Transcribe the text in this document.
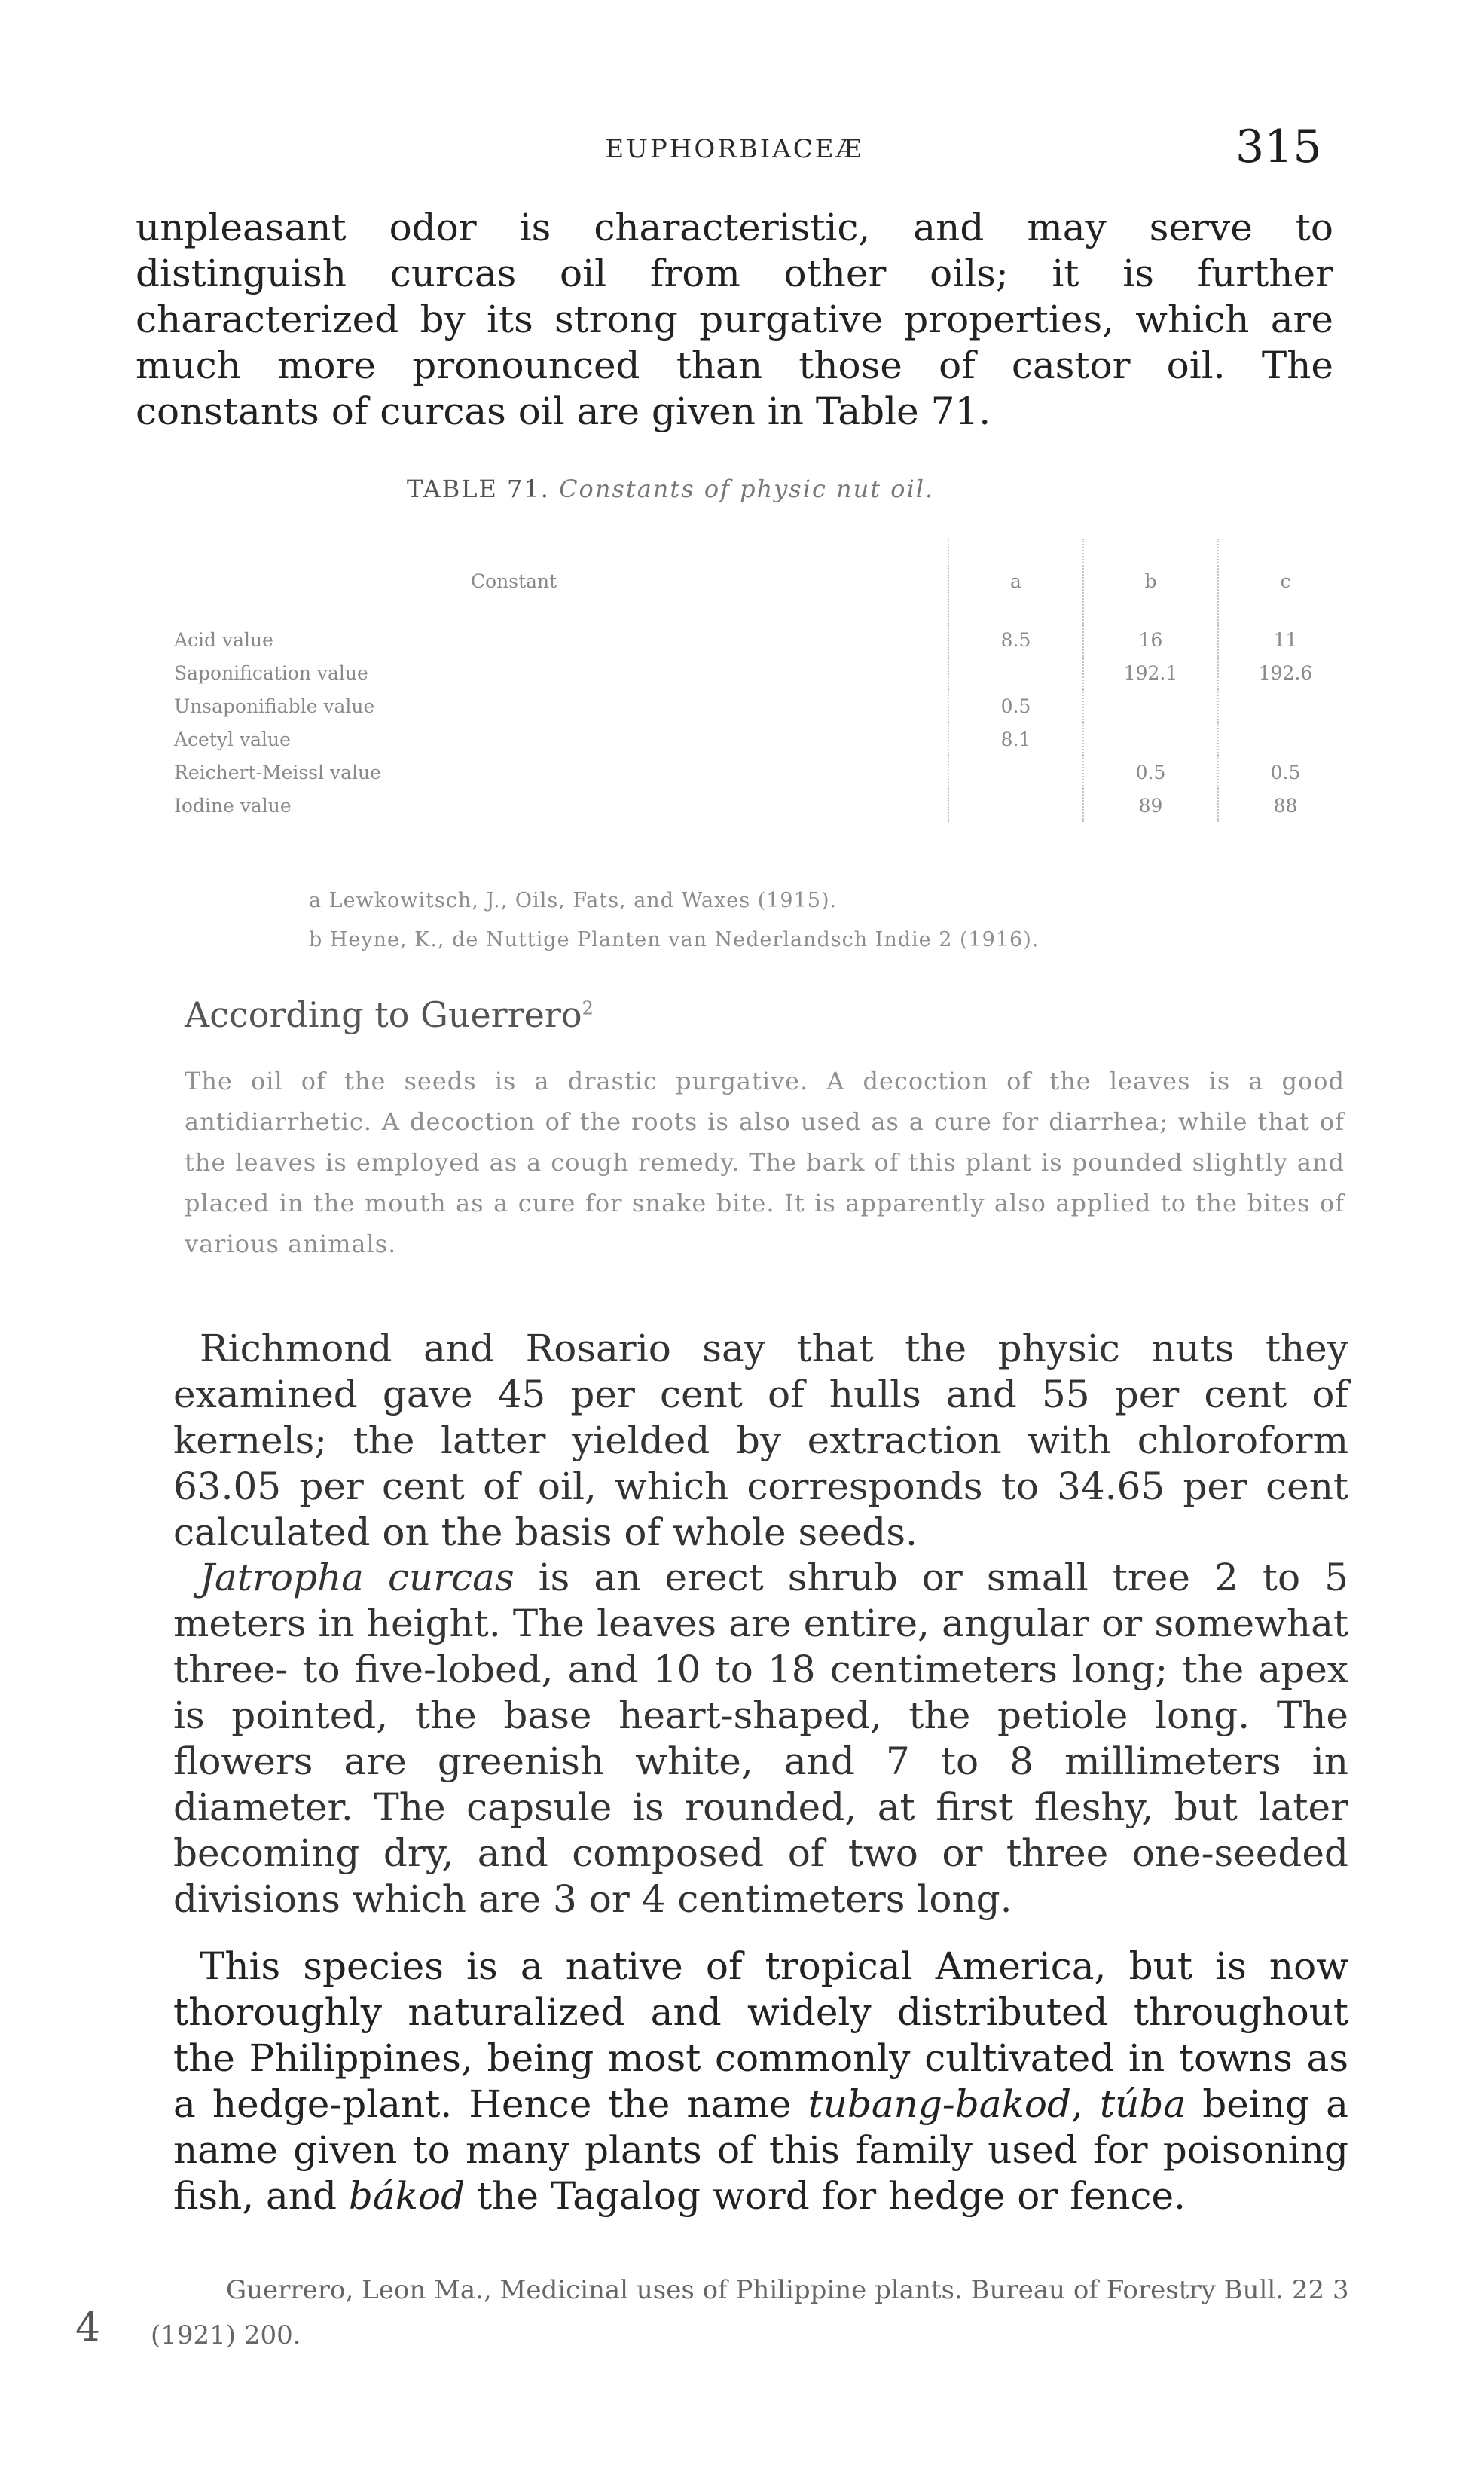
EUPHORBIACEÆ	315

unpleasant odor is characteristic, and may serve to distinguish curcas oil from other oils; it is further characterized by its strong purgative properties, which are much more pronounced than those of castor oil. The constants of curcas oil are given in Table 71.

TABLE 71. Constants of physic nut oil.
Constant	a	b	c
Acid value	8.5	16	11
Saponification value		192.1	192.6
Unsaponifiable value	0.5		
Acetyl value	8.1		
Reichert-Meissl value		0.5	0.5
Iodine value		89	88
a Lewkowitsch, J., Oils, Fats, and Waxes (1915).
b Heyne, K., de Nuttige Planten van Nederlandsch Indie 2 (1916).
According to Guerrero$^2$
The oil of the seeds is a drastic purgative. A decoction of the leaves is a good antidiarrhetic. A decoction of the roots is also used as a cure for diarrhea; while that of the leaves is employed as a cough remedy. The bark of this plant is pounded slightly and placed in the mouth as a cure for snake bite. It is apparently also applied to the bites of various animals.

Richmond and Rosario say that the physic nuts they examined gave 45 per cent of hulls and 55 per cent of kernels; the latter yielded by extraction with chloroform 63.05 per cent of oil, which corresponds to 34.65 per cent calculated on the basis of whole seeds.

Jatropha curcas is an erect shrub or small tree 2 to 5 meters in height. The leaves are entire, angular or somewhat three- to five-lobed, and 10 to 18 centimeters long; the apex is pointed, the base heart-shaped, the petiole long. The flowers are greenish white, and 7 to 8 millimeters in diameter. The capsule is rounded, at first fleshy, but later becoming dry, and composed of two or three one-seeded divisions which are 3 or 4 centimeters long.

This species is a native of tropical America, but is now thoroughly naturalized and widely distributed throughout the Philippines, being most commonly cultivated in towns as a hedge-plant. Hence the name tubang-bakod, túba being a name given to many plants of this family used for poisoning fish, and bákod the Tagalog word for hedge or fence.

Guerrero, Leon Ma., Medicinal uses of Philippine plants. Bureau of Forestry Bull. 22 3 (1921) 200.
4
